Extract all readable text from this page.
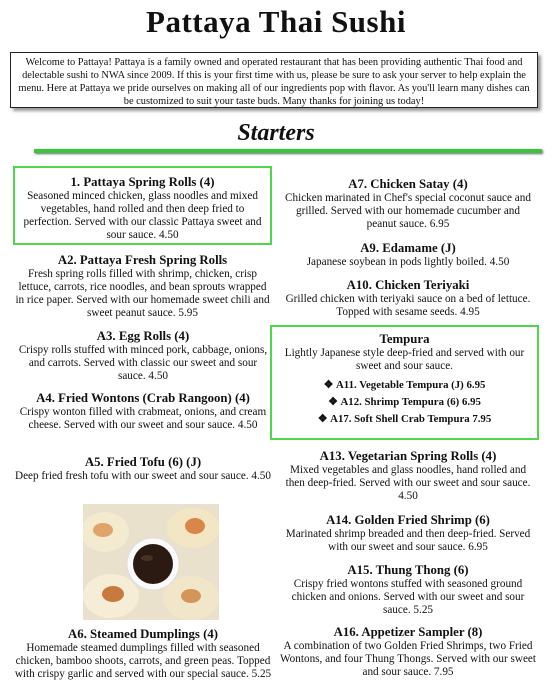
Pattaya Thai Sushi
Welcome to Pattaya! Pattaya is a family owned and operated restaurant that has been providing authentic Thai food and delectable sushi to NWA since 2009. If this is your first time with us, please be sure to ask your server to help explain the menu. Here at Pattaya we pride ourselves on making all of our ingredients pop with flavor. As you'll learn many dishes can be customized to suit your taste buds. Many thanks for joining us today!
Starters
1. Pattaya Spring Rolls (4)
Seasoned minced chicken, glass noodles and mixed vegetables, hand rolled and then deep fried to perfection. Served with our classic Pattaya sweet and sour sauce. 4.50
A2. Pattaya Fresh Spring Rolls
Fresh spring rolls filled with shrimp, chicken, crisp lettuce, carrots, rice noodles, and bean sprouts wrapped in rice paper. Served with our homemade sweet chili and sweet peanut sauce. 5.95
A3. Egg Rolls (4)
Crispy rolls stuffed with minced pork, cabbage, onions, and carrots. Served with classic our sweet and sour sauce. 4.50
A4. Fried Wontons (Crab Rangoon) (4)
Crispy wonton filled with crabmeat, onions, and cream cheese. Served with our sweet and sour sauce. 4.50
A5. Fried Tofu (6) (J)
Deep fried fresh tofu with our sweet and sour sauce. 4.50
A6. Steamed Dumplings (4)
Homemade steamed dumplings filled with seasoned chicken, bamboo shoots, carrots, and green peas. Topped with crispy garlic and served with our special sauce. 5.25
A7. Chicken Satay (4)
Chicken marinated in Chef's special coconut sauce and grilled. Served with our homemade cucumber and peanut sauce. 6.95
A9. Edamame (J)
Japanese soybean in pods lightly boiled. 4.50
A10. Chicken Teriyaki
Grilled chicken with teriyaki sauce on a bed of lettuce. Topped with sesame seeds. 4.95
Tempura
Lightly Japanese style deep-fried and served with our sweet and sour sauce.
❖ A11. Vegetable Tempura (J) 6.95
❖ A12. Shrimp Tempura (6) 6.95
❖ A17. Soft Shell Crab Tempura 7.95
A13. Vegetarian Spring Rolls (4)
Mixed vegetables and glass noodles, hand rolled and then deep-fried. Served with our sweet and sour sauce. 4.50
A14. Golden Fried Shrimp (6)
Marinated shrimp breaded and then deep-fried. Served with our sweet and sour sauce. 6.95
A15. Thung Thong (6)
Crispy fried wontons stuffed with seasoned ground chicken and onions. Served with our sweet and sour sauce. 5.25
A16. Appetizer Sampler (8)
A combination of two Golden Fried Shrimps, two Fried Wontons, and four Thung Thongs. Served with our sweet and sour sauce. 7.95
